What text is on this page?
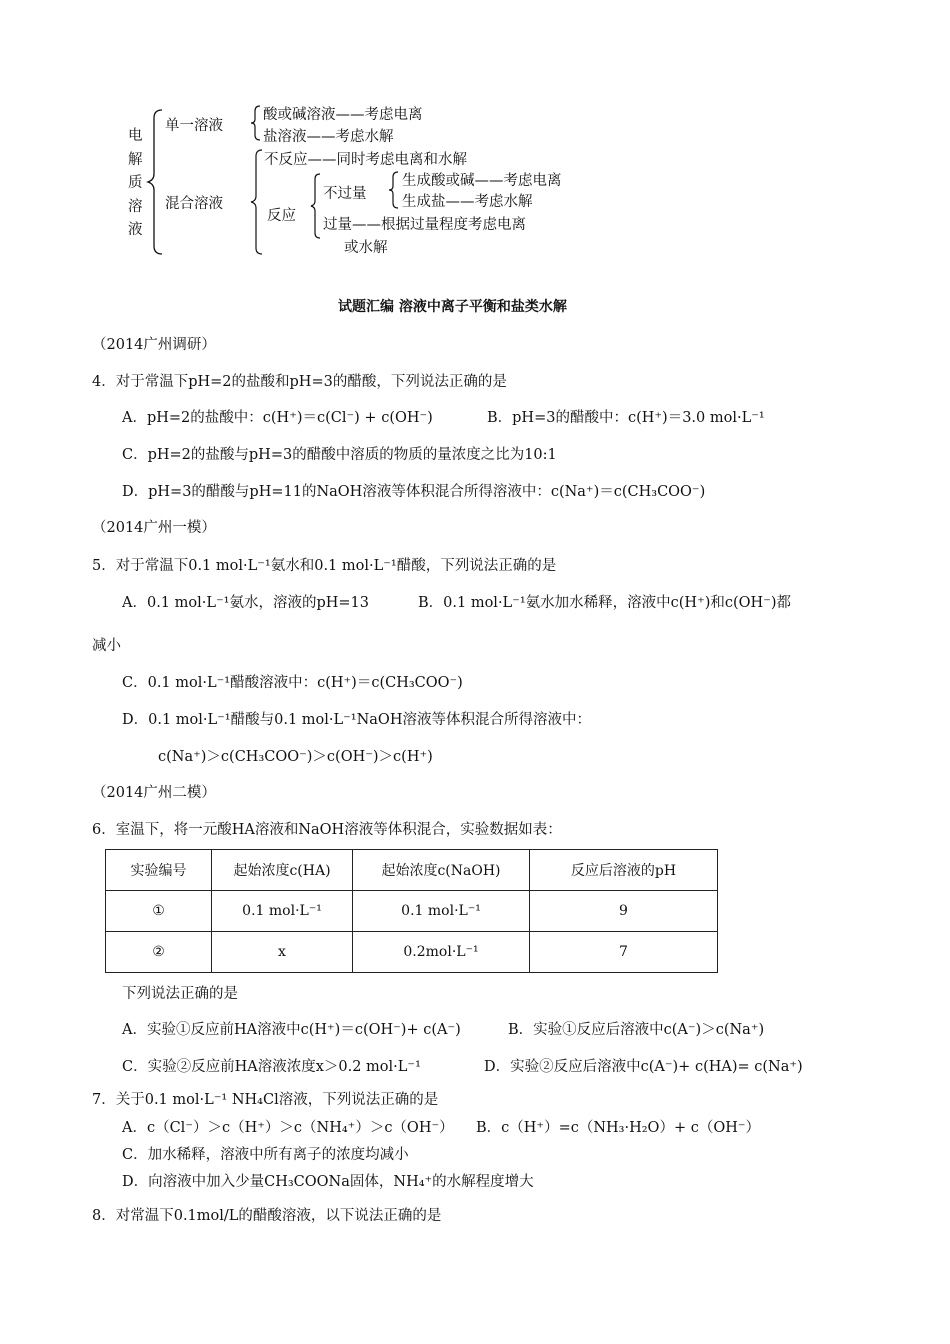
电解质溶液
单一溶液
酸或碱溶液——考虑电离
盐溶液——考虑水解
混合溶液
不反应——同时考虑电离和水解
反应
不过量
生成酸或碱——考虑电离
生成盐——考虑水解
过量——根据过量程度考虑电离
或水解
试题汇编 溶液中离子平衡和盐类水解
（2014广州调研）
4．对于常温下pH=2的盐酸和pH=3的醋酸，下列说法正确的是
A．pH=2的盐酸中：c(H⁺)＝c(Cl⁻) + c(OH⁻)	B．pH=3的醋酸中：c(H⁺)＝3.0 mol·L⁻¹
C．pH=2的盐酸与pH=3的醋酸中溶质的物质的量浓度之比为10:1
D．pH=3的醋酸与pH=11的NaOH溶液等体积混合所得溶液中：c(Na⁺)＝c(CH₃COO⁻)
（2014广州一模）
5．对于常温下0.1 mol·L⁻¹氨水和0.1 mol·L⁻¹醋酸，下列说法正确的是
A．0.1 mol·L⁻¹氨水，溶液的pH=13	B．0.1 mol·L⁻¹氨水加水稀释，溶液中c(H⁺)和c(OH⁻)都
减小
C．0.1 mol·L⁻¹醋酸溶液中：c(H⁺)＝c(CH₃COO⁻)
D．0.1 mol·L⁻¹醋酸与0.1 mol·L⁻¹NaOH溶液等体积混合所得溶液中：
c(Na⁺)＞c(CH₃COO⁻)＞c(OH⁻)＞c(H⁺)
（2014广州二模）
6．室温下，将一元酸HA溶液和NaOH溶液等体积混合，实验数据如表：
实验编号	起始浓度c(HA)	起始浓度c(NaOH)	反应后溶液的pH
①	0.1 mol·L⁻¹	0.1 mol·L⁻¹	9
②	x	0.2mol·L⁻¹	7
下列说法正确的是
A．实验①反应前HA溶液中c(H⁺)＝c(OH⁻)+ c(A⁻)	B．实验①反应后溶液中c(A⁻)＞c(Na⁺)
C．实验②反应前HA溶液浓度x＞0.2 mol·L⁻¹	D．实验②反应后溶液中c(A⁻)+ c(HA)= c(Na⁺)
7．关于0.1 mol·L⁻¹ NH₄Cl溶液，下列说法正确的是
A．c（Cl⁻）＞c（H⁺）＞c（NH₄⁺）＞c（OH⁻） B．c（H⁺）=c（NH₃·H₂O）+ c（OH⁻）
C．加水稀释，溶液中所有离子的浓度均减小
D．向溶液中加入少量CH₃COONa固体，NH₄⁺的水解程度增大
8．对常温下0.1mol/L的醋酸溶液，以下说法正确的是
